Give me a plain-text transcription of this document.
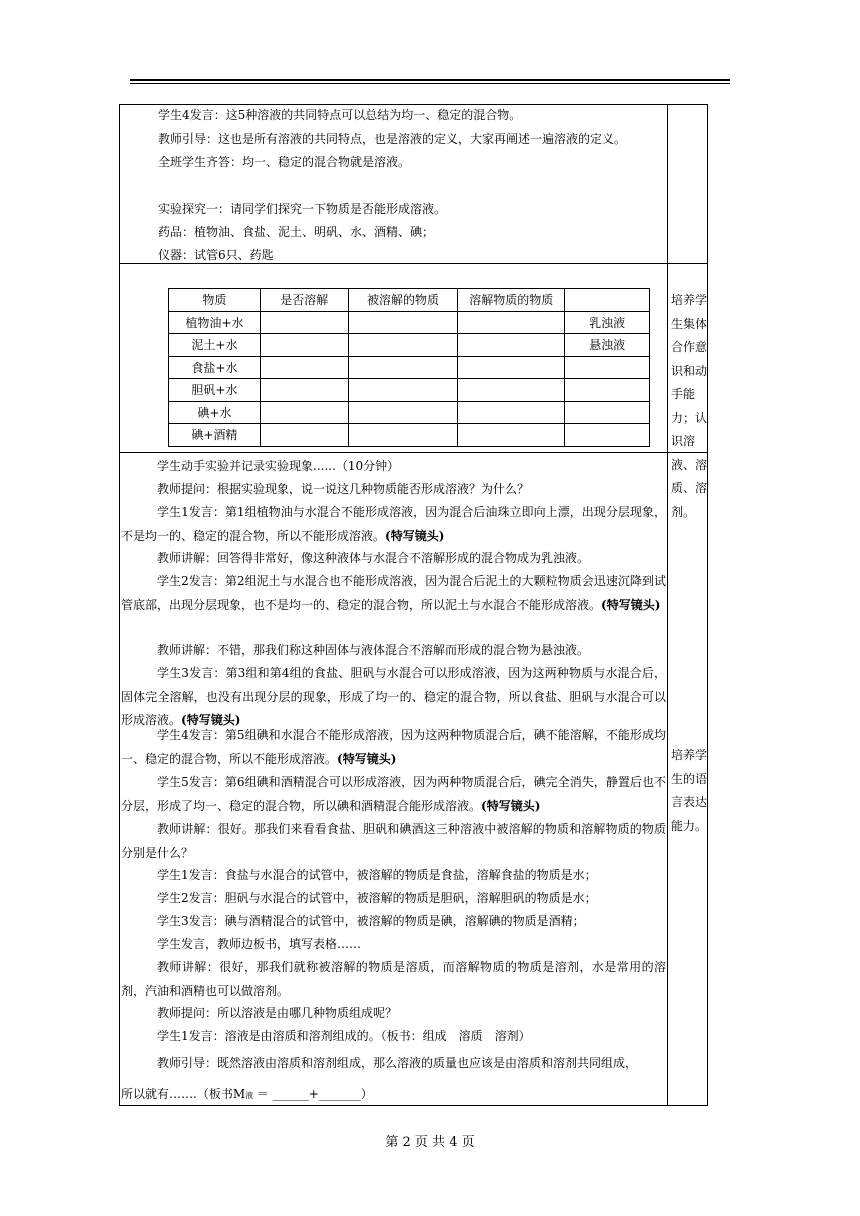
学生4发言：这5种溶液的共同特点可以总结为均一、稳定的混合物。
教师引导：这也是所有溶液的共同特点，也是溶液的定义，大家再阐述一遍溶液的定义。
全班学生齐答：均一、稳定的混合物就是溶液。
实验探究一：请同学们探究一下物质是否能形成溶液。
药品：植物油、食盐、泥土、明矾、水、酒精、碘；
仪器：试管6只、药匙
物质	是否溶解	被溶解的物质	溶解物质的物质	
植物油+水				乳浊液
泥土+水				悬浊液
食盐+水				
胆矾+水				
碘+水				
碘+酒精				
培养学生集体合作意识和动手能力；认识溶液、溶质、溶剂。
培养学生的语言表达能力。
学生动手实验并记录实验现象......（10分钟）
教师提问：根据实验现象，说一说这几种物质能否形成溶液？为什么？
学生1发言：第1组植物油与水混合不能形成溶液，因为混合后油珠立即向上漂，出现分层现象，不是均一的、稳定的混合物，所以不能形成溶液。(特写镜头)
教师讲解：回答得非常好，像这种液体与水混合不溶解形成的混合物成为乳浊液。
学生2发言：第2组泥土与水混合也不能形成溶液，因为混合后泥土的大颗粒物质会迅速沉降到试管底部，出现分层现象，也不是均一的、稳定的混合物，所以泥土与水混合不能形成溶液。(特写镜头)
教师讲解：不错，那我们称这种固体与液体混合不溶解而形成的混合物为悬浊液。
学生3发言：第3组和第4组的食盐、胆矾与水混合可以形成溶液，因为这两种物质与水混合后，固体完全溶解，也没有出现分层的现象，形成了均一的、稳定的混合物，所以食盐、胆矾与水混合可以形成溶液。(特写镜头)
学生4发言：第5组碘和水混合不能形成溶液，因为这两种物质混合后，碘不能溶解，不能形成均一、稳定的混合物，所以不能形成溶液。(特写镜头)
学生5发言：第6组碘和酒精混合可以形成溶液，因为两种物质混合后，碘完全消失，静置后也不分层，形成了均一、稳定的混合物，所以碘和酒精混合能形成溶液。(特写镜头)
教师讲解：很好。那我们来看看食盐、胆矾和碘酒这三种溶液中被溶解的物质和溶解物质的物质分别是什么？
学生1发言：食盐与水混合的试管中，被溶解的物质是食盐，溶解食盐的物质是水；
学生2发言：胆矾与水混合的试管中，被溶解的物质是胆矾，溶解胆矾的物质是水；
学生3发言：碘与酒精混合的试管中，被溶解的物质是碘，溶解碘的物质是酒精；
学生发言，教师边板书，填写表格……
教师讲解：很好，那我们就称被溶解的物质是溶质，而溶解物质的物质是溶剂，水是常用的溶剂，汽油和酒精也可以做溶剂。
教师提问：所以溶液是由哪几种物质组成呢？
学生1发言：溶液是由溶质和溶剂组成的。（板书：组成　溶质　溶剂）
教师引导：既然溶液由溶质和溶剂组成，那么溶液的质量也应该是由溶质和溶剂共同组成，
所以就有…….（板书M液 ＝ ______+_______）
第 2 页 共 4 页
